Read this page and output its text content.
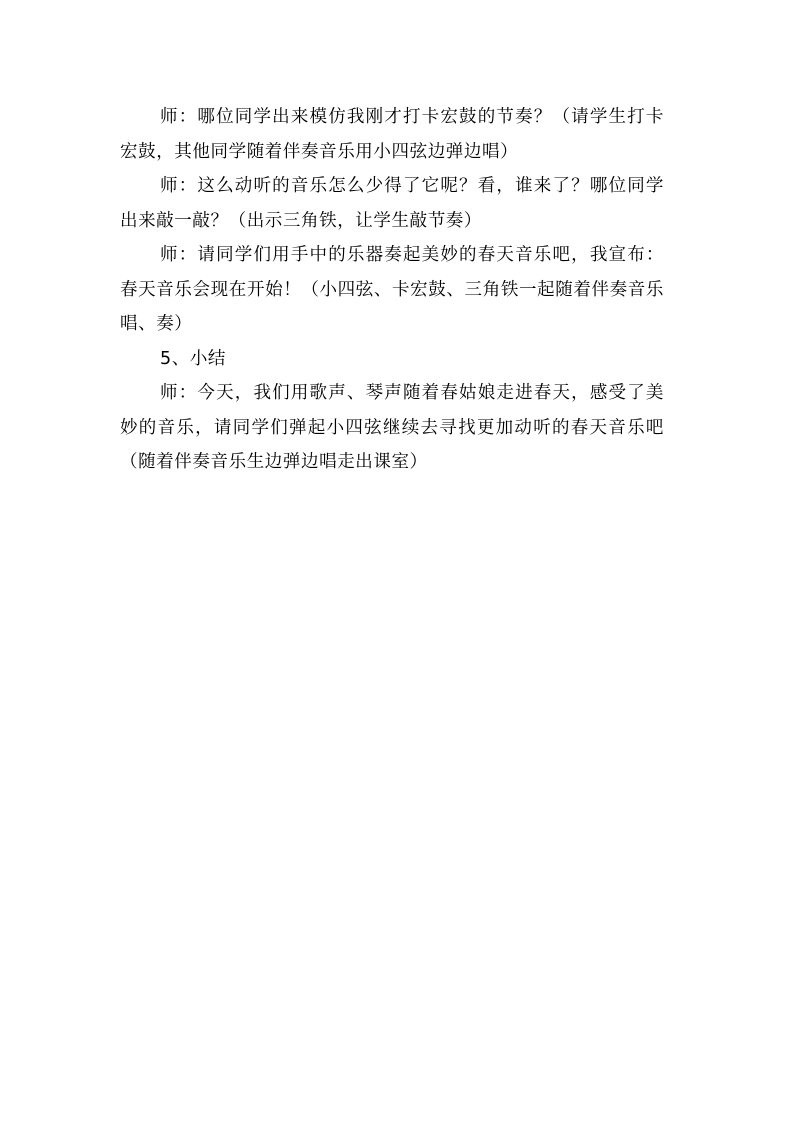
师：哪位同学出来模仿我刚才打卡宏鼓的节奏？（请学生打卡宏鼓，其他同学随着伴奏音乐用小四弦边弹边唱）

师：这么动听的音乐怎么少得了它呢？看，谁来了？哪位同学出来敲一敲？（出示三角铁，让学生敲节奏）

师：请同学们用手中的乐器奏起美妙的春天音乐吧，我宣布：春天音乐会现在开始！（小四弦、卡宏鼓、三角铁一起随着伴奏音乐唱、奏）

5、小结

师：今天，我们用歌声、琴声随着春姑娘走进春天，感受了美妙的音乐，请同学们弹起小四弦继续去寻找更加动听的春天音乐吧（随着伴奏音乐生边弹边唱走出课室）
